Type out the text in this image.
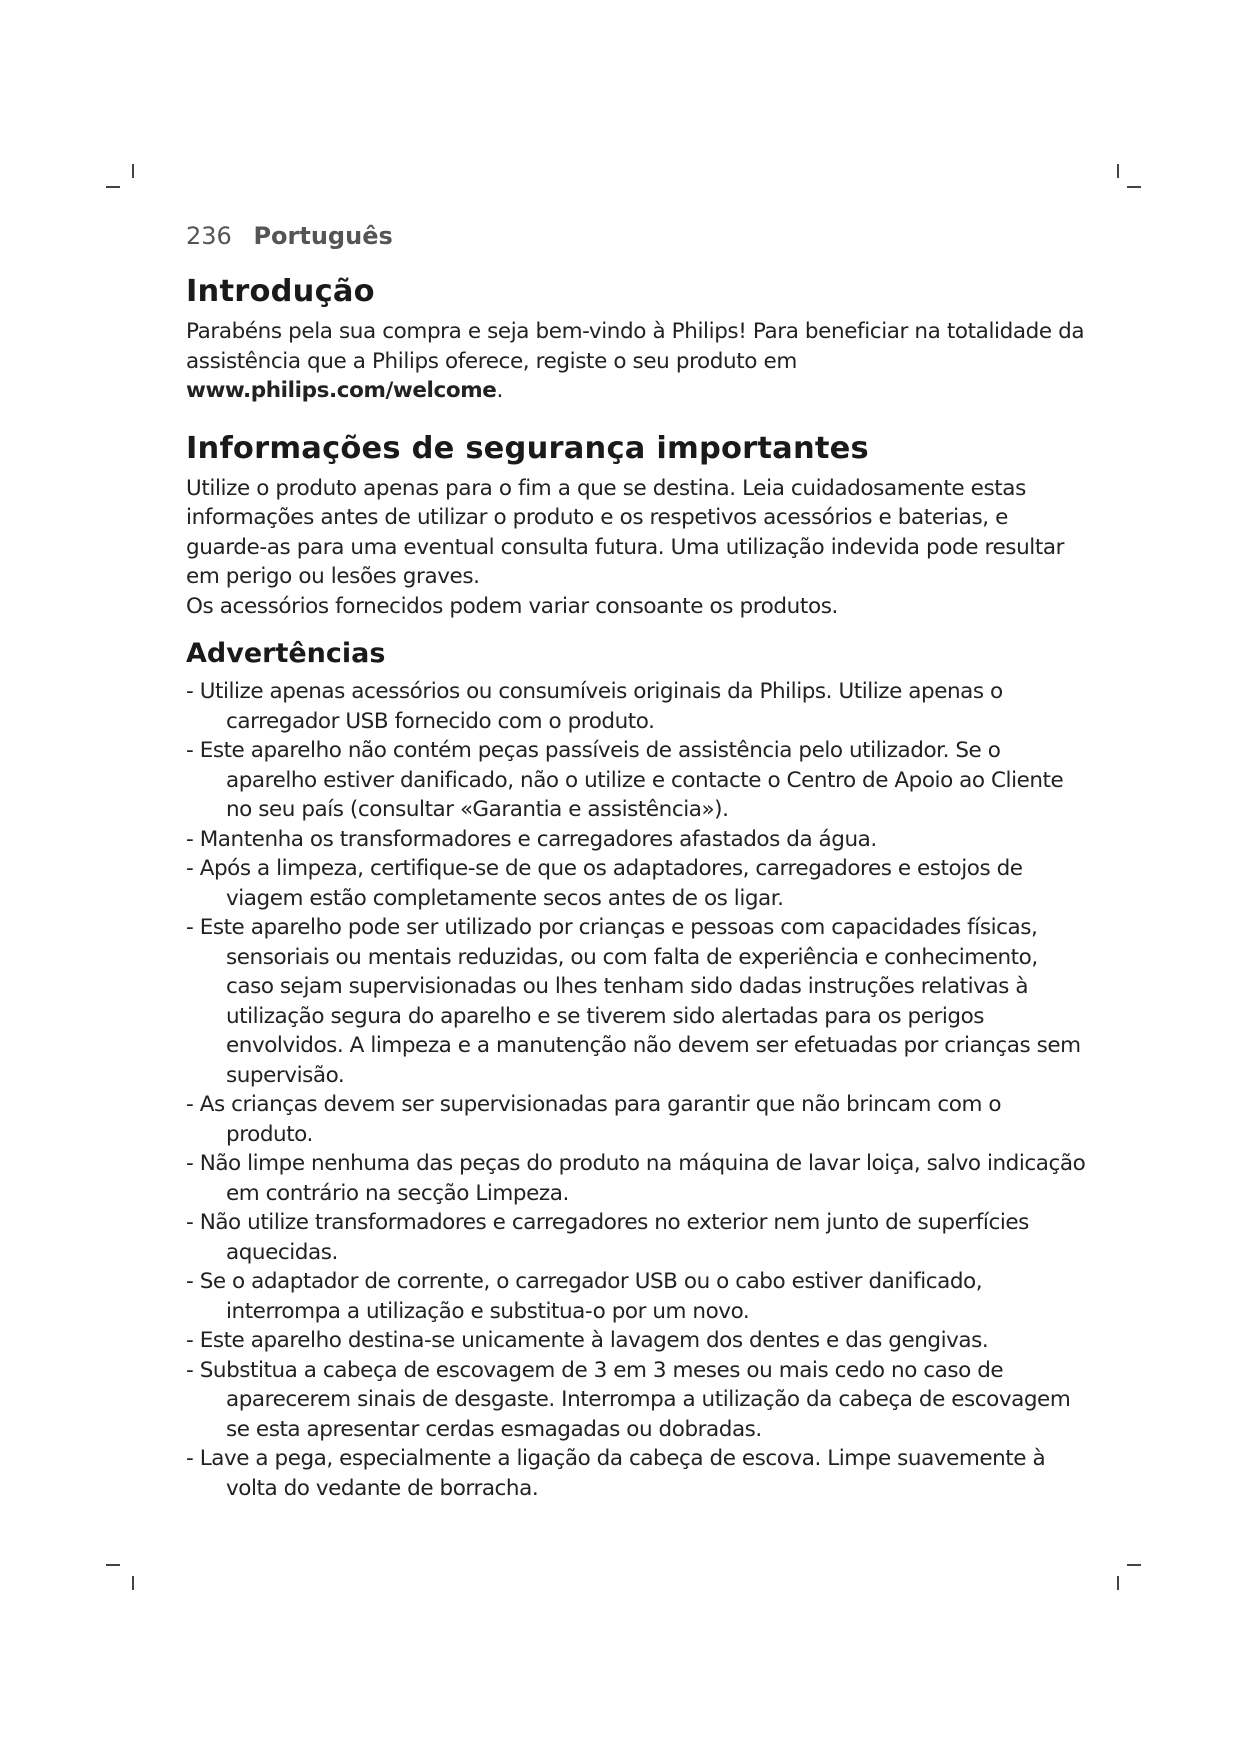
236 Português
Introdução

Parabéns pela sua compra e seja bem-vindo à Philips! Para beneficiar na totalidade da assistência que a Philips oferece, registe o seu produto em www.philips.com/welcome.

Informações de segurança importantes

Utilize o produto apenas para o fim a que se destina. Leia cuidadosamente estas informações antes de utilizar o produto e os respetivos acessórios e baterias, e guarde-as para uma eventual consulta futura. Uma utilização indevida pode resultar em perigo ou lesões graves.

Os acessórios fornecidos podem variar consoante os produtos.

Advertências
- Utilize apenas acessórios ou consumíveis originais da Philips. Utilize apenas o carregador USB fornecido com o produto.
- Este aparelho não contém peças passíveis de assistência pelo utilizador. Se o aparelho estiver danificado, não o utilize e contacte o Centro de Apoio ao Cliente no seu país (consultar «Garantia e assistência»).
- Mantenha os transformadores e carregadores afastados da água.
- Após a limpeza, certifique-se de que os adaptadores, carregadores e estojos de viagem estão completamente secos antes de os ligar.
- Este aparelho pode ser utilizado por crianças e pessoas com capacidades físicas, sensoriais ou mentais reduzidas, ou com falta de experiência e conhecimento, caso sejam supervisionadas ou lhes tenham sido dadas instruções relativas à utilização segura do aparelho e se tiverem sido alertadas para os perigos envolvidos. A limpeza e a manutenção não devem ser efetuadas por crianças sem supervisão.
- As crianças devem ser supervisionadas para garantir que não brincam com o produto.
- Não limpe nenhuma das peças do produto na máquina de lavar loiça, salvo indicação em contrário na secção Limpeza.
- Não utilize transformadores e carregadores no exterior nem junto de superfícies aquecidas.
- Se o adaptador de corrente, o carregador USB ou o cabo estiver danificado, interrompa a utilização e substitua-o por um novo.
- Este aparelho destina-se unicamente à lavagem dos dentes e das gengivas.
- Substitua a cabeça de escovagem de 3 em 3 meses ou mais cedo no caso de aparecerem sinais de desgaste. Interrompa a utilização da cabeça de escovagem se esta apresentar cerdas esmagadas ou dobradas.
- Lave a pega, especialmente a ligação da cabeça de escova. Limpe suavemente à volta do vedante de borracha.
